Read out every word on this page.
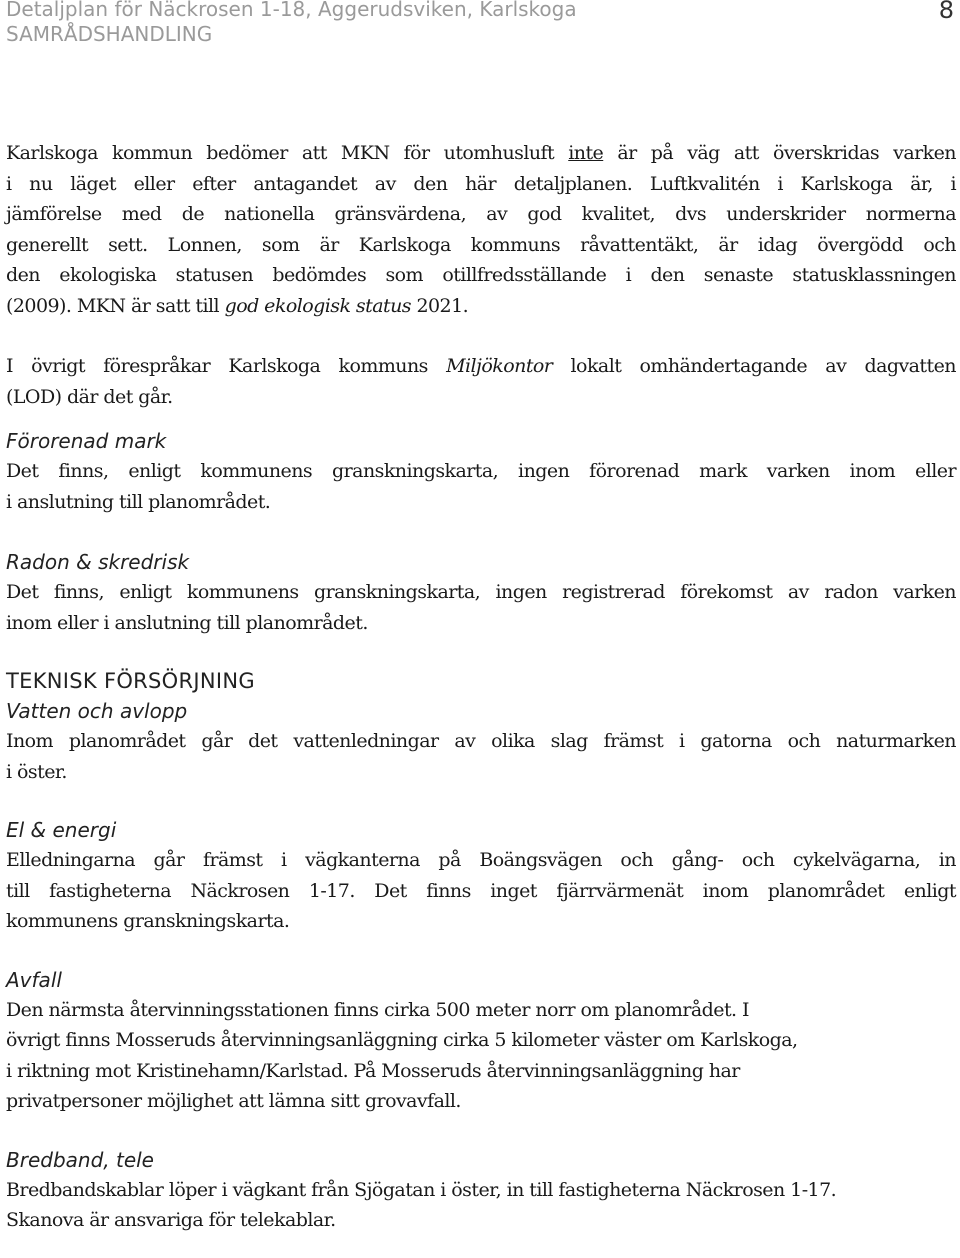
Detaljplan för Näckrosen 1-18, Aggerudsviken, Karlskoga
SAMRÅDSHANDLING
8

Karlskoga kommun bedömer att MKN för utomhusluft inte är på väg att överskridas varken

i nu läget eller efter antagandet av den här detaljplanen. Luftkvalitén i Karlskoga är, i

jämförelse med de nationella gränsvärdena, av god kvalitet, dvs underskrider normerna

generellt sett. Lonnen, som är Karlskoga kommuns råvattentäkt, är idag övergödd och

den ekologiska statusen bedömdes som otillfredsställande i den senaste statusklassningen

(2009). MKN är satt till god ekologisk status 2021.

I övrigt förespråkar Karlskoga kommuns Miljökontor lokalt omhändertagande av dagvatten

(LOD) där det går.

Förorenad mark

Det finns, enligt kommunens granskningskarta, ingen förorenad mark varken inom eller

i anslutning till planområdet.

Radon & skredrisk

Det finns, enligt kommunens granskningskarta, ingen registrerad förekomst av radon varken

inom eller i anslutning till planområdet.

TEKNISK FÖRSÖRJNING
Vatten och avlopp

Inom planområdet går det vattenledningar av olika slag främst i gatorna och naturmarken

i öster.

El & energi

Elledningarna går främst i vägkanterna på Boängsvägen och gång- och cykelvägarna, in

till fastigheterna Näckrosen 1-17. Det finns inget fjärrvärmenät inom planområdet enligt

kommunens granskningskarta.

Avfall

Den närmsta återvinningsstationen finns cirka 500 meter norr om planområdet. I

övrigt finns Mosseruds återvinningsanläggning cirka 5 kilometer väster om Karlskoga,

i riktning mot Kristinehamn/Karlstad. På Mosseruds återvinningsanläggning har

privatpersoner möjlighet att lämna sitt grovavfall.

Bredband, tele

Bredbandskablar löper i vägkant från Sjögatan i öster, in till fastigheterna Näckrosen 1-17.

Skanova är ansvariga för telekablar.
